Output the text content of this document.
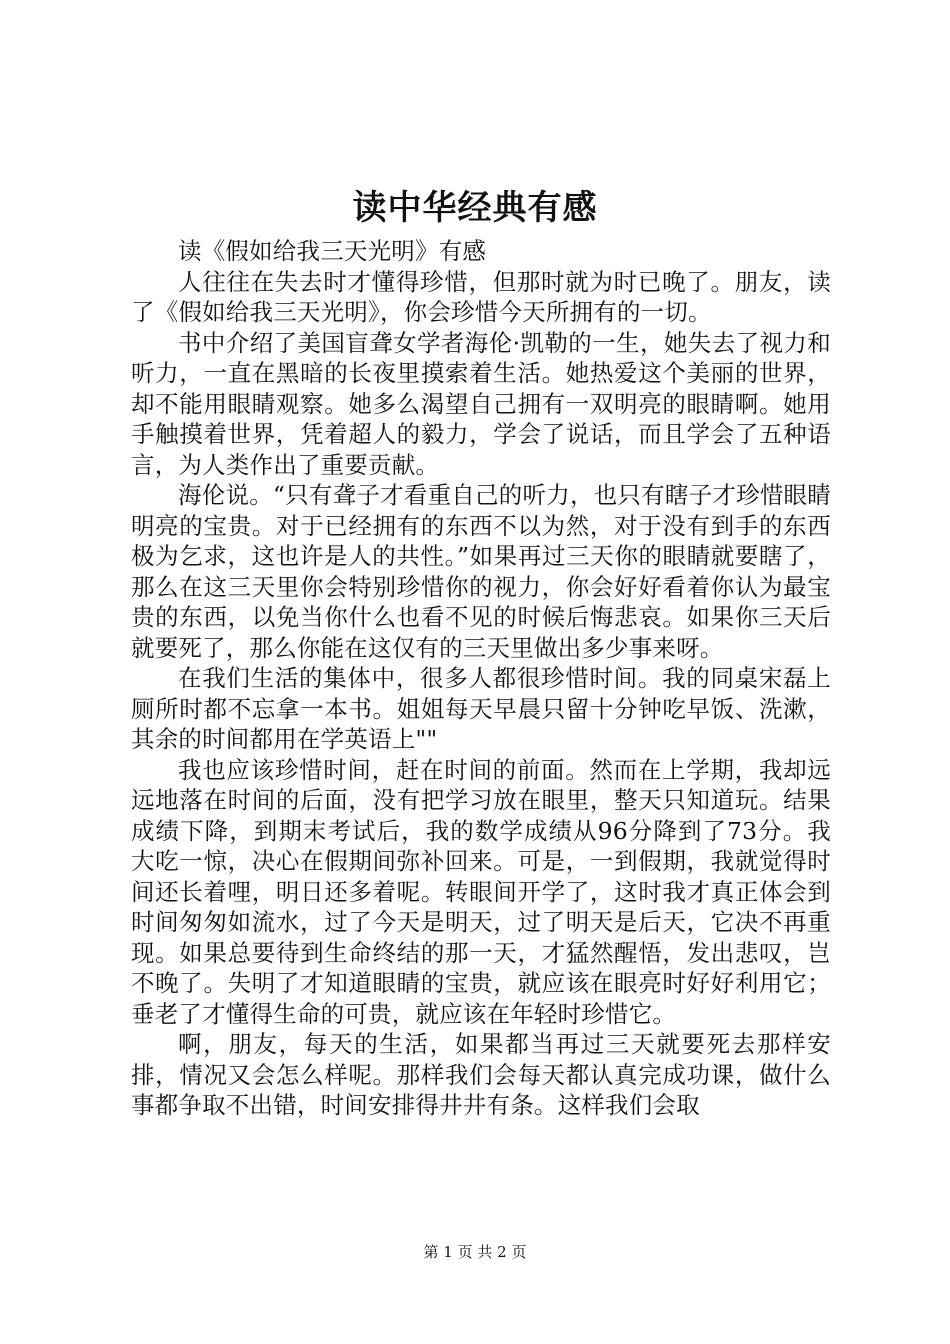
读中华经典有感

读《假如给我三天光明》有感

人往往在失去时才懂得珍惜，但那时就为时已晚了。朋友，读了《假如给我三天光明》，你会珍惜今天所拥有的一切。

书中介绍了美国盲聋女学者海伦·凯勒的一生，她失去了视力和听力，一直在黑暗的长夜里摸索着生活。她热爱这个美丽的世界，却不能用眼睛观察。她多么渴望自己拥有一双明亮的眼睛啊。她用手触摸着世界，凭着超人的毅力，学会了说话，而且学会了五种语言，为人类作出了重要贡献。

海伦说。“只有聋子才看重自己的听力，也只有瞎子才珍惜眼睛明亮的宝贵。对于已经拥有的东西不以为然，对于没有到手的东西极为乞求，这也许是人的共性。”如果再过三天你的眼睛就要瞎了，那么在这三天里你会特别珍惜你的视力，你会好好看着你认为最宝贵的东西，以免当你什么也看不见的时候后悔悲哀。如果你三天后就要死了，那么你能在这仅有的三天里做出多少事来呀。

在我们生活的集体中，很多人都很珍惜时间。我的同桌宋磊上厕所时都不忘拿一本书。姐姐每天早晨只留十分钟吃早饭、洗漱，其余的时间都用在学英语上""

我也应该珍惜时间，赶在时间的前面。然而在上学期，我却远远地落在时间的后面，没有把学习放在眼里，整天只知道玩。结果成绩下降，到期末考试后，我的数学成绩从96分降到了73分。我大吃一惊，决心在假期间弥补回来。可是，一到假期，我就觉得时间还长着哩，明日还多着呢。转眼间开学了，这时我才真正体会到时间匆匆如流水，过了今天是明天，过了明天是后天，它决不再重现。如果总要待到生命终结的那一天，才猛然醒悟，发出悲叹，岂不晚了。失明了才知道眼睛的宝贵，就应该在眼亮时好好利用它；垂老了才懂得生命的可贵，就应该在年轻时珍惜它。

啊，朋友，每天的生活，如果都当再过三天就要死去那样安排，情况又会怎么样呢。那样我们会每天都认真完成功课，做什么事都争取不出错，时间安排得井井有条。这样我们会取

第 1 页 共 2 页
